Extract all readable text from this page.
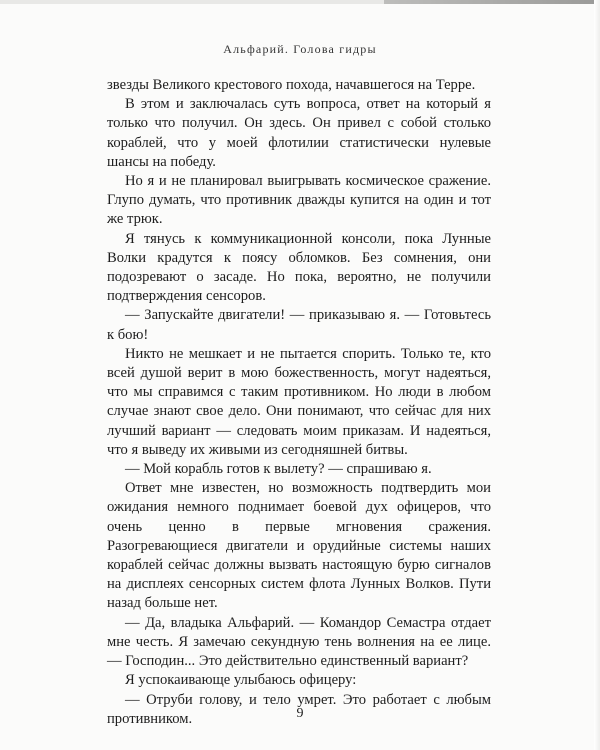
Альфарий. Голова гидры

звезды Великого крестового похода, начавшегося на Терре.

В этом и заключалась суть вопроса, ответ на который я только что получил. Он здесь. Он привел с собой столько кораблей, что у моей флотилии статистически нулевые шансы на победу.

Но я и не планировал выигрывать космическое сражение. Глупо думать, что противник дважды купится на один и тот же трюк.

Я тянусь к коммуникационной консоли, пока Лунные Волки крадутся к поясу обломков. Без сомнения, они подозревают о засаде. Но пока, вероятно, не получили подтверждения сенсоров.

— Запускайте двигатели! — приказываю я. — Готовьтесь к бою!

Никто не мешкает и не пытается спорить. Только те, кто всей душой верит в мою божественность, могут надеяться, что мы справимся с таким противником. Но люди в любом случае знают свое дело. Они понимают, что сейчас для них лучший вариант — следовать моим приказам. И надеяться, что я выведу их живыми из сегодняшней битвы.

— Мой корабль готов к вылету? — спрашиваю я.

Ответ мне известен, но возможность подтвердить мои ожидания немного поднимает боевой дух офицеров, что очень ценно в первые мгновения сражения. Разогревающиеся двигатели и орудийные системы наших кораблей сейчас должны вызвать настоящую бурю сигналов на дисплеях сенсорных систем флота Лунных Волков. Пути назад больше нет.

— Да, владыка Альфарий. — Командор Семастра отдает мне честь. Я замечаю секундную тень волнения на ее лице. — Господин... Это действительно единственный вариант?

Я успокаивающе улыбаюсь офицеру:

— Отруби голову, и тело умрет. Это работает с любым противником.	9
